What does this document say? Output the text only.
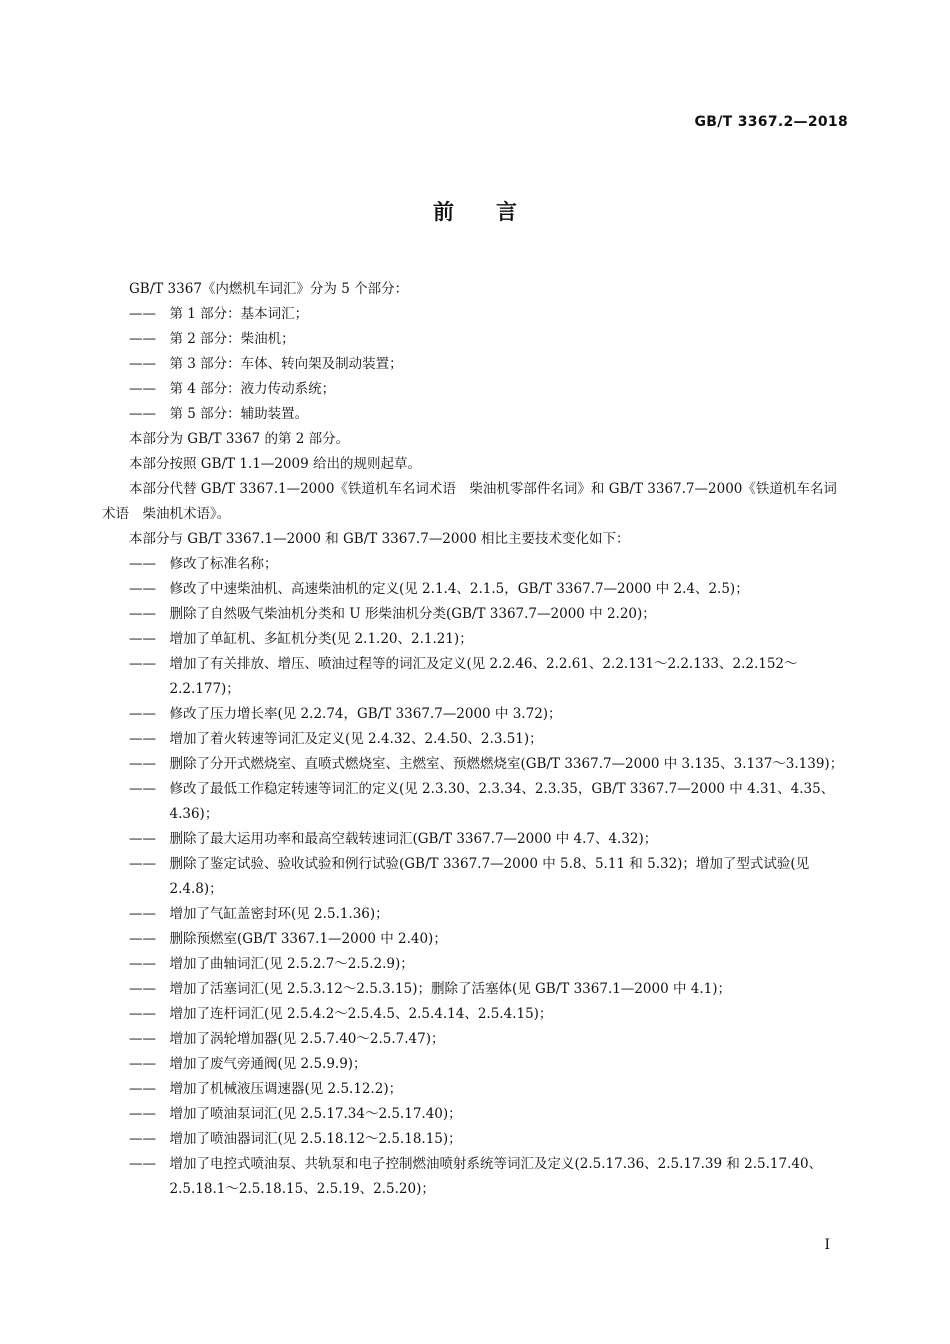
GB/T 3367.2—2018
前言

GB/T 3367《内燃机车词汇》分为 5 个部分：

—— 第 1 部分：基本词汇；

—— 第 2 部分：柴油机；

—— 第 3 部分：车体、转向架及制动装置；

—— 第 4 部分：液力传动系统；

—— 第 5 部分：辅助装置。

本部分为 GB/T 3367 的第 2 部分。

本部分按照 GB/T 1.1—2009 给出的规则起草。

本部分代替 GB/T 3367.1—2000《铁道机车名词术语　柴油机零部件名词》和 GB/T 3367.7—2000《铁道机车名词术语　柴油机术语》。

本部分与 GB/T 3367.1—2000 和 GB/T 3367.7—2000 相比主要技术变化如下：

—— 修改了标准名称；

—— 修改了中速柴油机、高速柴油机的定义(见 2.1.4、2.1.5，GB/T 3367.7—2000 中 2.4、2.5)；

—— 删除了自然吸气柴油机分类和 U 形柴油机分类(GB/T 3367.7—2000 中 2.20)；

—— 增加了单缸机、多缸机分类(见 2.1.20、2.1.21)；

—— 增加了有关排放、增压、喷油过程等的词汇及定义(见 2.2.46、2.2.61、2.2.131～2.2.133、2.2.152～2.2.177)；

—— 修改了压力增长率(见 2.2.74，GB/T 3367.7—2000 中 3.72)；

—— 增加了着火转速等词汇及定义(见 2.4.32、2.4.50、2.3.51)；

—— 删除了分开式燃烧室、直喷式燃烧室、主燃室、预燃燃烧室(GB/T 3367.7—2000 中 3.135、3.137～3.139)；

—— 修改了最低工作稳定转速等词汇的定义(见 2.3.30、2.3.34、2.3.35，GB/T 3367.7—2000 中 4.31、4.35、4.36)；

—— 删除了最大运用功率和最高空载转速词汇(GB/T 3367.7—2000 中 4.7、4.32)；

—— 删除了鉴定试验、验收试验和例行试验(GB/T 3367.7—2000 中 5.8、5.11 和 5.32)；增加了型式试验(见 2.4.8)；

—— 增加了气缸盖密封环(见 2.5.1.36)；

—— 删除预燃室(GB/T 3367.1—2000 中 2.40)；

—— 增加了曲轴词汇(见 2.5.2.7～2.5.2.9)；

—— 增加了活塞词汇(见 2.5.3.12～2.5.3.15)；删除了活塞体(见 GB/T 3367.1—2000 中 4.1)；

—— 增加了连杆词汇(见 2.5.4.2～2.5.4.5、2.5.4.14、2.5.4.15)；

—— 增加了涡轮增加器(见 2.5.7.40～2.5.7.47)；

—— 增加了废气旁通阀(见 2.5.9.9)；

—— 增加了机械液压调速器(见 2.5.12.2)；

—— 增加了喷油泵词汇(见 2.5.17.34～2.5.17.40)；

—— 增加了喷油器词汇(见 2.5.18.12～2.5.18.15)；

—— 增加了电控式喷油泵、共轨泵和电子控制燃油喷射系统等词汇及定义(2.5.17.36、2.5.17.39 和 2.5.17.40、2.5.18.1～2.5.18.15、2.5.19、2.5.20)；

I
